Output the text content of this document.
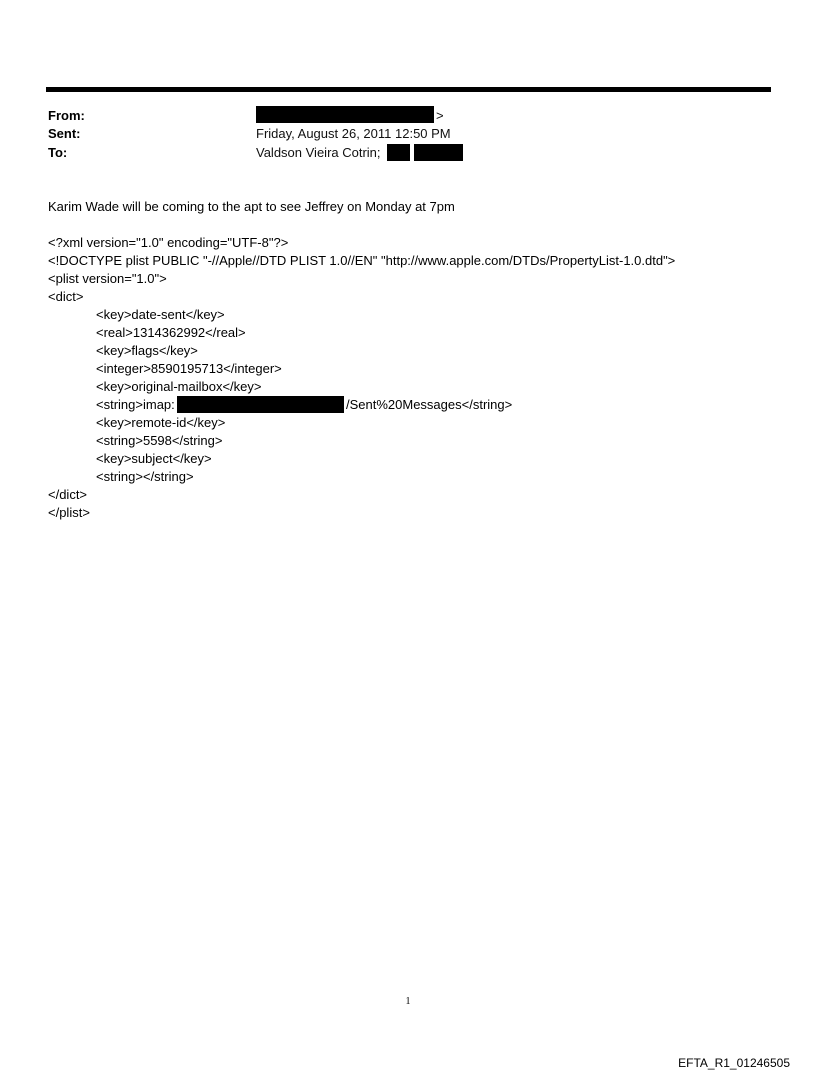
From:	>
Sent:	Friday, August 26, 2011 12:50 PM
To:	Valdson Vieira Cotrin;
Karim Wade will be coming to the apt to see Jeffrey on Monday at 7pm
<?xml version="1.0" encoding="UTF-8"?>
<!DOCTYPE plist PUBLIC "-//Apple//DTD PLIST 1.0//EN" "http://www.apple.com/DTDs/PropertyList-1.0.dtd">
<plist version="1.0">
<dict>
<key>date-sent</key>
<real>1314362992</real>
<key>flags</key>
<integer>8590195713</integer>
<key>original-mailbox</key>
<string>imap:	/Sent%20Messages</string>
<key>remote-id</key>
<string>5598</string>
<key>subject</key>
<string></string>
</dict>
</plist>
1
EFTA_R1_01246505
